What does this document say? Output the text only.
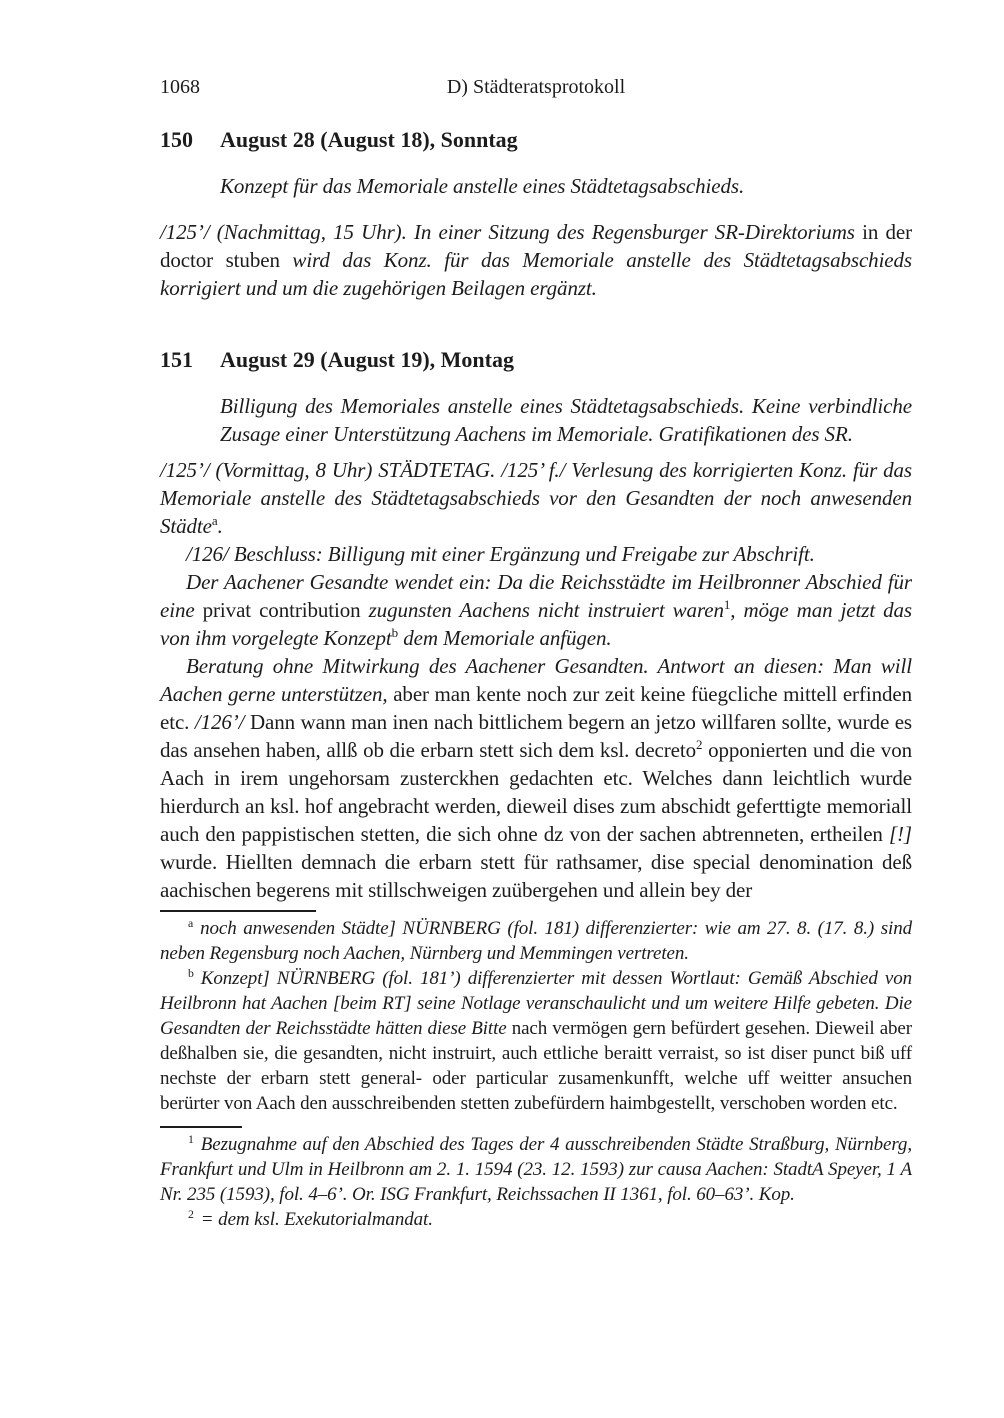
1068	D) Städteratsprotokoll
150	August 28 (August 18), Sonntag

Konzept für das Memoriale anstelle eines Städtetagsabschieds.

/125’/ (Nachmittag, 15 Uhr). In einer Sitzung des Regensburger SR-Direktoriums in der doctor stuben wird das Konz. für das Memoriale anstelle des Städtetagsabschieds korrigiert und um die zugehörigen Beilagen ergänzt.

151	August 29 (August 19), Montag

Billigung des Memoriales anstelle eines Städtetagsabschieds. Keine verbindliche Zusage einer Unterstützung Aachens im Memoriale. Gratifikationen des SR.

/125’/ (Vormittag, 8 Uhr) STÄDTETAG. /125’ f./ Verlesung des korrigierten Konz. für das Memoriale anstelle des Städtetagsabschieds vor den Gesandten der noch anwesenden Städte$^a$.

/126/ Beschluss: Billigung mit einer Ergänzung und Freigabe zur Abschrift.

Der Aachener Gesandte wendet ein: Da die Reichsstädte im Heilbronner Abschied für eine privat contribution zugunsten Aachens nicht instruiert waren$^1$, möge man jetzt das von ihm vorgelegte Konzept$^b$ dem Memoriale anfügen.

Beratung ohne Mitwirkung des Aachener Gesandten. Antwort an diesen: Man will Aachen gerne unterstützen, aber man kente noch zur zeit keine füegcliche mittell erfinden etc. /126’/ Dann wann man inen nach bittlichem begern an jetzo willfaren sollte, wurde es das ansehen haben, allß ob die erbarn stett sich dem ksl. decreto$^2$ opponierten und die von Aach in irem ungehorsam zusterckhen gedachten etc. Welches dann leichtlich wurde hierdurch an ksl. hof angebracht werden, dieweil dises zum abschidt geferttigte memoriall auch den pappistischen stetten, die sich ohne dz von der sachen abtrenneten, ertheilen [!] wurde. Hiellten demnach die erbarn stett für rathsamer, dise special denomination deß aachischen begerens mit stillschweigen zuübergehen und allein bey der

$^a$ noch anwesenden Städte] NÜRNBERG (fol. 181) differenzierter: wie am 27. 8. (17. 8.) sind neben Regensburg noch Aachen, Nürnberg und Memmingen vertreten.

$^b$ Konzept] NÜRNBERG (fol. 181’) differenzierter mit dessen Wortlaut: Gemäß Abschied von Heilbronn hat Aachen [beim RT] seine Notlage veranschaulicht und um weitere Hilfe gebeten. Die Gesandten der Reichsstädte hätten diese Bitte nach vermögen gern befürdert gesehen. Dieweil aber deßhalben sie, die gesandten, nicht instruirt, auch ettliche beraitt verraist, so ist diser punct biß uff nechste der erbarn stett general- oder particular zusamenkunfft, welche uff weitter ansuchen berürter von Aach den ausschreibenden stetten zubefürdern haimbgestellt, verschoben worden etc.

$^1$ Bezugnahme auf den Abschied des Tages der 4 ausschreibenden Städte Straßburg, Nürnberg, Frankfurt und Ulm in Heilbronn am 2. 1. 1594 (23. 12. 1593) zur causa Aachen: StadtA Speyer, 1 A Nr. 235 (1593), fol. 4–6’. Or. ISG Frankfurt, Reichssachen II 1361, fol. 60–63’. Kop.

$^2$ = dem ksl. Exekutorialmandat.
